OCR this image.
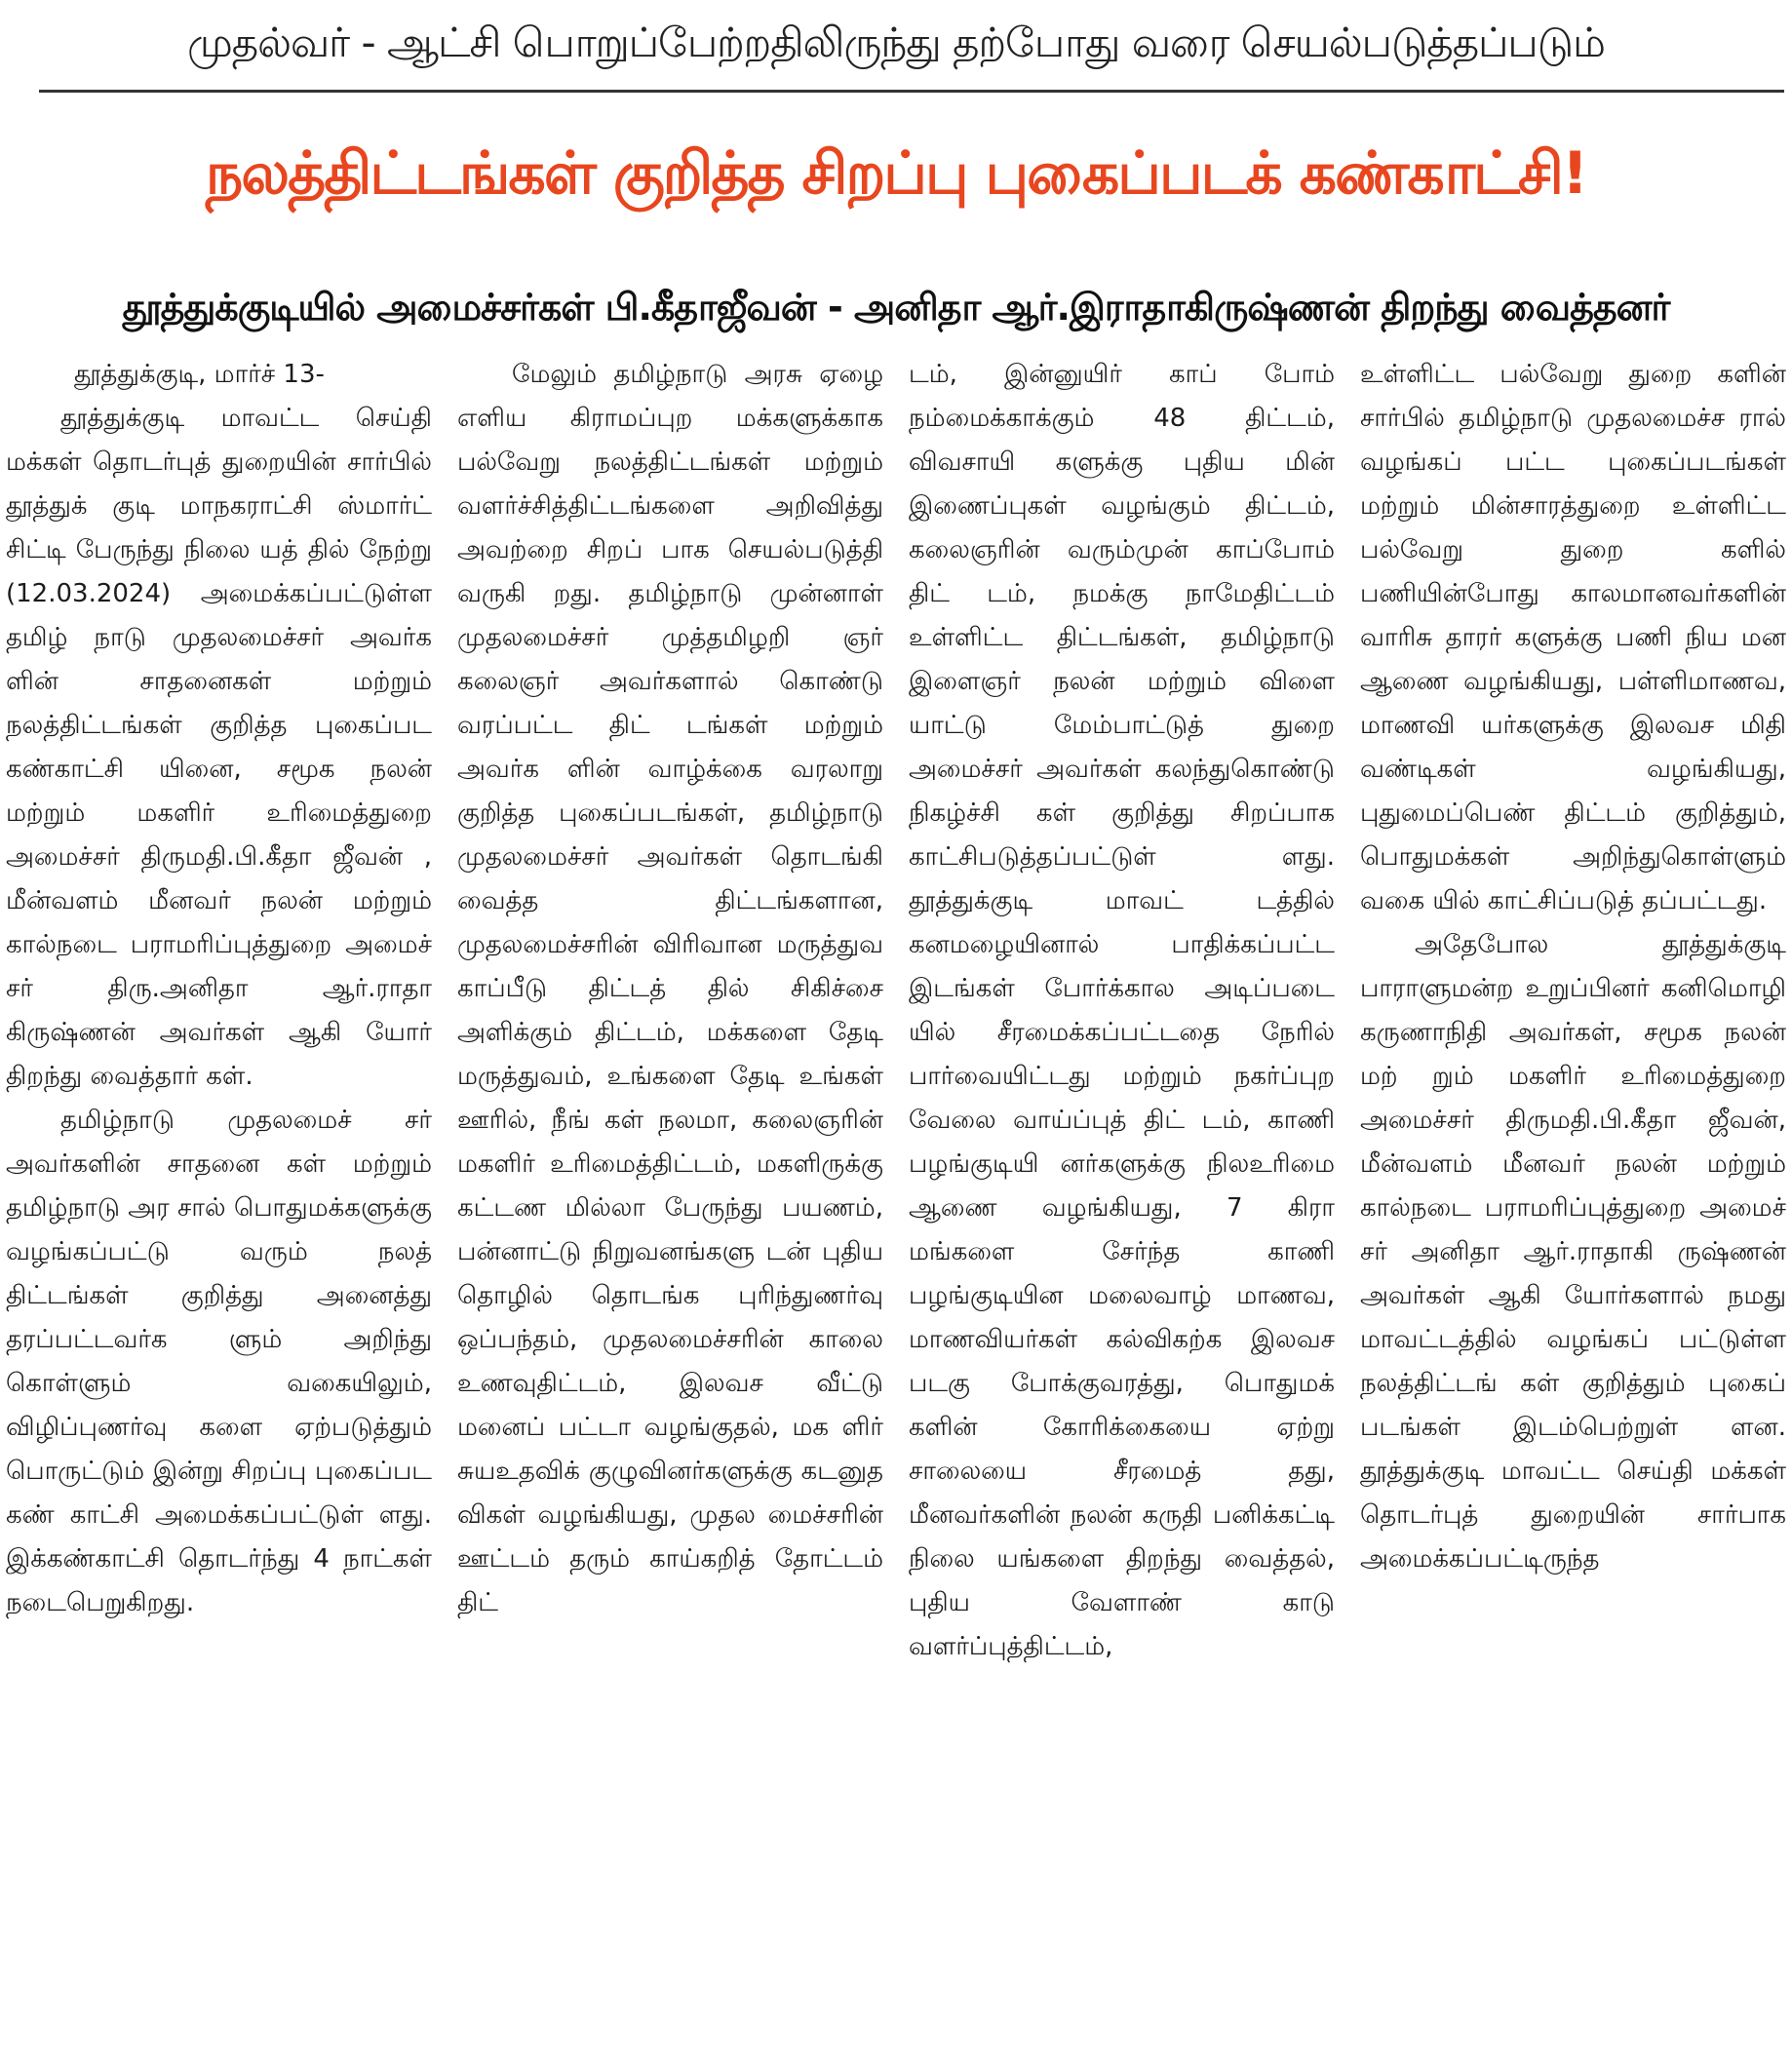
முதல்வர் - ஆட்சி பொறுப்பேற்றதிலிருந்து தற்போது வரை செயல்படுத்தப்படும்
நலத்திட்டங்கள் குறித்த சிறப்பு புகைப்படக் கண்காட்சி!
தூத்துக்குடியில் அமைச்சர்கள் பி.கீதாஜீவன் - அனிதா ஆர்.இராதாகிருஷ்ணன் திறந்து வைத்தனர்
தூத்துக்குடி, மார்ச் 13-

தூத்துக்குடி மாவட்ட செய்தி மக்கள் தொடர்புத் துறையின் சார்பில் தூத்துக் குடி மாநகராட்சி ஸ்மார்ட் சிட்டி பேருந்து நிலை யத் தில் நேற்று (12.03.2024) அமைக்கப்பட்டுள்ள தமிழ் நாடு முதலமைச்சர் அவர்க ளின் சாதனைகள் மற்றும் நலத்திட்டங்கள் குறித்த புகைப்பட கண்காட்சி யினை, சமூக நலன் மற்றும் மகளிர் உரிமைத்துறை அமைச்சர் திருமதி.பி.கீதா ஜீவன் , மீன்வளம் மீனவர் நலன் மற்றும் கால்நடை பராமரிப்புத்துறை அமைச் சர் திரு.அனிதா ஆர்.ராதா கிருஷ்ணன் அவர்கள் ஆகி யோர் திறந்து வைத்தார் கள்.

தமிழ்நாடு முதலமைச் சர் அவர்களின் சாதனை கள் மற்றும் தமிழ்நாடு அர சால் பொதுமக்களுக்கு வழங்கப்பட்டு வரும் நலத் திட்டங்கள் குறித்து அனைத்து தரப்பட்டவர்க ளும் அறிந்து கொள்ளும் வகையிலும், விழிப்புணர்வு களை ஏற்படுத்தும் பொருட்டும் இன்று சிறப்பு புகைப்பட கண் காட்சி அமைக்கப்பட்டுள் ளது. இக்கண்காட்சி தொடர்ந்து 4 நாட்கள் நடைபெறுகிறது.

மேலும் தமிழ்நாடு அரசு ஏழை எளிய கிராமப்புற மக்களுக்காக பல்வேறு நலத்திட்டங்கள் மற்றும் வளர்ச்சித்திட்டங்களை அறிவித்து அவற்றை சிறப் பாக செயல்படுத்தி வருகி றது. தமிழ்நாடு முன்னாள் முதலமைச்சர் முத்தமிழறி ஞர் கலைஞர் அவர்களால் கொண்டு வரப்பட்ட திட் டங்கள் மற்றும் அவர்க ளின் வாழ்க்கை வரலாறு குறித்த புகைப்படங்கள், தமிழ்நாடு முதலமைச்சர் அவர்கள் தொடங்கி வைத்த திட்டங்களான, முதலமைச்சரின் விரிவான மருத்துவ காப்பீடு திட்டத் தில் சிகிச்சை அளிக்கும் திட்டம், மக்களை தேடி மருத்துவம், உங்களை தேடி உங்கள் ஊரில், நீங் கள் நலமா, கலைஞரின் மகளிர் உரிமைத்திட்டம், மகளிருக்கு கட்டண மில்லா பேருந்து பயணம், பன்னாட்டு நிறுவனங்களு டன் புதிய தொழில் தொடங்க புரிந்துணர்வு ஒப்பந்தம், முதலமைச்சரின் காலை உணவுதிட்டம், இலவச வீட்டு மனைப் பட்டா வழங்குதல், மக ளிர் சுயஉதவிக் குழுவினர்களுக்கு கடனுத விகள் வழங்கியது, முதல மைச்சரின் ஊட்டம் தரும் காய்கறித் தோட்டம் திட்

டம், இன்னுயிர் காப் போம் நம்மைக்காக்கும் 48 திட்டம், விவசாயி களுக்கு புதிய மின் இணைப்புகள் வழங்கும் திட்டம், கலைஞரின் வரும்முன் காப்போம் திட் டம், நமக்கு நாமேதிட்டம் உள்ளிட்ட திட்டங்கள், தமிழ்நாடு இளைஞர் நலன் மற்றும் விளை யாட்டு மேம்பாட்டுத் துறை அமைச்சர் அவர்கள் கலந்துகொண்டு நிகழ்ச்சி கள் குறித்து சிறப்பாக காட்சிபடுத்தப்பட்டுள் ளது. தூத்துக்குடி மாவட் டத்தில் கனமழையினால் பாதிக்கப்பட்ட இடங்கள் போர்க்கால அடிப்படை யில் சீரமைக்கப்பட்டதை நேரில் பார்வையிட்டது மற்றும் நகர்ப்புற வேலை வாய்ப்புத் திட் டம், காணி பழங்குடியி னர்களுக்கு நிலஉரிமை ஆணை வழங்கியது, 7 கிரா மங்களை சேர்ந்த காணி பழங்குடியின மலைவாழ் மாணவ, மாணவியர்கள் கல்விகற்க இலவச படகு போக்குவரத்து, பொதுமக் களின் கோரிக்கையை ஏற்று சாலையை சீரமைத் தது, மீனவர்களின் நலன் கருதி பனிக்கட்டி நிலை யங்களை திறந்து வைத்தல், புதிய வேளாண் காடு வளர்ப்புத்திட்டம்,

உள்ளிட்ட பல்வேறு துறை களின் சார்பில் தமிழ்நாடு முதலமைச்ச ரால் வழங்கப் பட்ட புகைப்படங்கள் மற்றும் மின்சாரத்துறை உள்ளிட்ட பல்வேறு துறை களில் பணியின்போது காலமானவர்களின் வாரிசு தாரர் களுக்கு பணி நிய மன ஆணை வழங்கியது, பள்ளிமாணவ, மாணவி யர்களுக்கு இலவச மிதி வண்டிகள் வழங்கியது, புதுமைப்பெண் திட்டம் குறித்தும், பொதுமக்கள் அறிந்துகொள்ளும் வகை யில் காட்சிப்படுத் தப்பட்டது.

அதேபோல தூத்துக்குடி பாராளுமன்ற உறுப்பினர் கனிமொழி கருணாநிதி அவர்கள், சமூக நலன் மற் றும் மகளிர் உரிமைத்துறை அமைச்சர் திருமதி.பி.கீதா ஜீவன், மீன்வளம் மீனவர் நலன் மற்றும் கால்நடை பராமரிப்புத்துறை அமைச் சர் அனிதா ஆர்.ராதாகி ருஷ்ணன் அவர்கள் ஆகி யோர்களால் நமது மாவட்டத்தில் வழங்கப் பட்டுள்ள நலத்திட்டங் கள் குறித்தும் புகைப் படங்கள் இடம்பெற்றுள் ளன. தூத்துக்குடி மாவட்ட செய்தி மக்கள் தொடர்புத் துறையின் சார்பாக அமைக்கப்பட்டிருந்த
